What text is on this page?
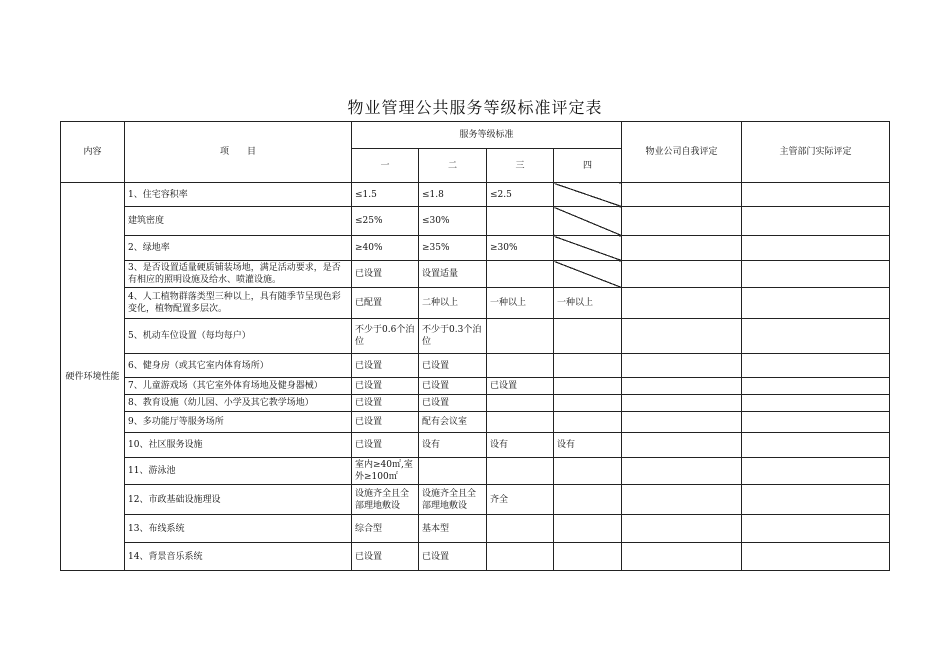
物业管理公共服务等级标准评定表
内容	项　　目	服务等级标准				物业公司自我评定	主管部门实际评定
		一	二	三	四		
硬件环境性能	1、住宅容积率	≤1.5	≤1.8	≤2.5			
	建筑密度	≤25%	≤30%				
	2、绿地率	≥40%	≥35%	≥30%			
	3、是否设置适量硬质铺装场地，满足活动要求，是否有相应的照明设施及给水、喷灌设施。	已设置	设置适量				
	4、人工植物群落类型三种以上，具有随季节呈现色彩变化，植物配置多层次。	已配置	二种以上	一种以上	一种以上		
	5、机动车位设置（每均每户）	不少于0.6个泊位	不少于0.3个泊位				
	6、健身房（或其它室内体育场所）	已设置	已设置				
	7、儿童游戏场（其它室外体育场地及健身器械）	已设置	已设置	已设置			
	8、教育设施（幼儿园、小学及其它教学场地）	已设置	已设置				
	9、多功能厅等服务场所	已设置	配有会议室				
	10、社区服务设施	已设置	设有	设有	设有		
	11、游泳池	室内≥40㎡,室外≥100㎡					
	12、市政基础设施理设	设施齐全且全部理地敷设	设施齐全且全部理地敷设	齐全			
	13、布线系统	综合型	基本型				
	14、背景音乐系统	已设置	已设置				
